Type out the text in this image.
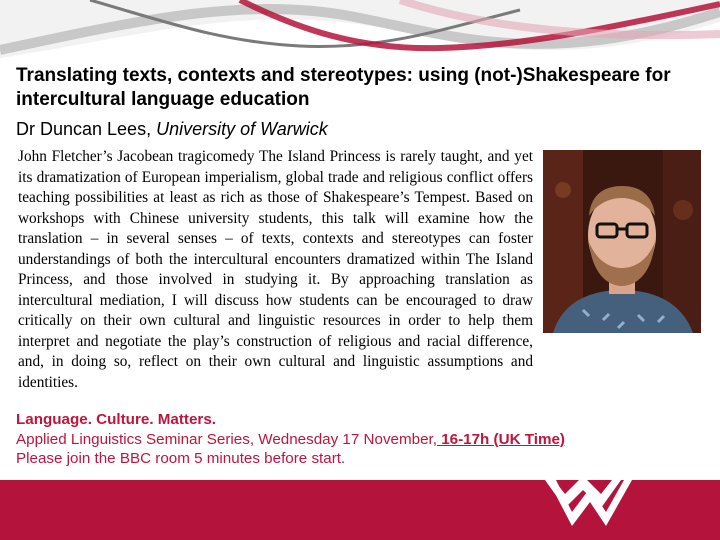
Translating texts, contexts and stereotypes: using (not-)Shakespeare for intercultural language education
Dr Duncan Lees, University of Warwick
John Fletcher’s Jacobean tragicomedy The Island Princess is rarely taught, and yet its dramatization of European imperialism, global trade and religious conflict offers teaching possibilities at least as rich as those of Shakespeare’s Tempest. Based on workshops with Chinese university students, this talk will examine how the translation – in several senses – of texts, contexts and stereotypes can foster understandings of both the intercultural encounters dramatized within The Island Princess, and those involved in studying it. By approaching translation as intercultural mediation, I will discuss how students can be encouraged to draw critically on their own cultural and linguistic resources in order to help them interpret and negotiate the play’s construction of religious and racial difference, and, in doing so, reflect on their own cultural and linguistic assumptions and identities.
Language. Culture. Matters.
Applied Linguistics Seminar Series, Wednesday 17 November, 16-17h (UK Time)
Please join the BBC room 5 minutes before start.
